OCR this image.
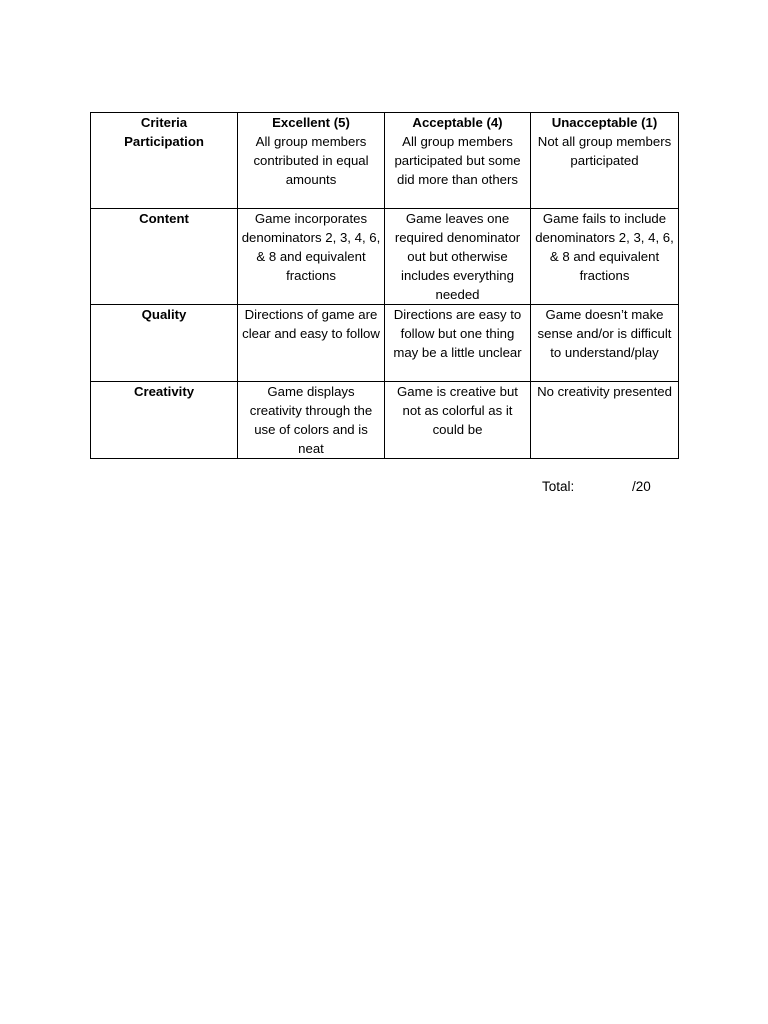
Criteria	Excellent (5)	Acceptable (4)	Unacceptable (1)
Participation	All group members contributed in equal amounts	All group members participated but some did more than others	Not all group members participated
Content	Game incorporates denominators 2, 3, 4, 6, & 8 and equivalent fractions	Game leaves one required denominator out but otherwise includes everything needed	Game fails to include denominators 2, 3, 4, 6, & 8 and equivalent fractions
Quality	Directions of game are clear and easy to follow	Directions are easy to follow but one thing may be a little unclear	Game doesn’t make sense and/or is difficult to understand/play
Creativity	Game displays creativity through the use of colors and is neat	Game is creative but not as colorful as it could be	No creativity presented
Total:	/20
